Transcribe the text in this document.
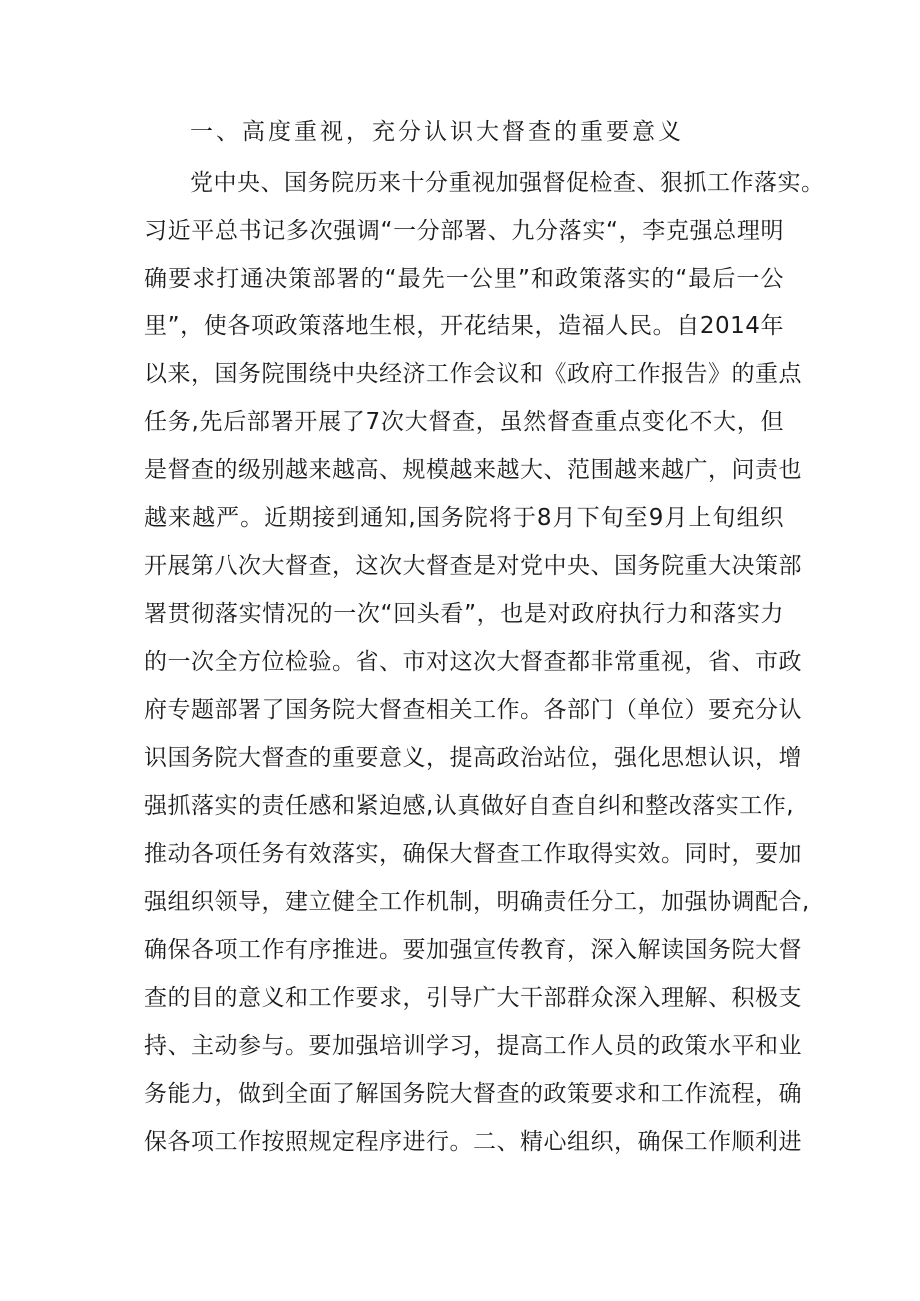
一、高度重视，充分认识大督查的重要意义
党中央、国务院历来十分重视加强督促检查、狠抓工作落实。
习近平总书记多次强调“一分部署、九分落实“，李克强总理明
确要求打通决策部署的“最先一公里”和政策落实的“最后一公
里”，使各项政策落地生根，开花结果，造福人民。自2014年
以来，国务院围绕中央经济工作会议和《政府工作报告》的重点
任务,先后部署开展了7次大督查，虽然督查重点变化不大，但
是督查的级别越来越高、规模越来越大、范围越来越广，问责也
越来越严。近期接到通知,国务院将于8月下旬至9月上旬组织
开展第八次大督查，这次大督查是对党中央、国务院重大决策部
署贯彻落实情况的一次“回头看”，也是对政府执行力和落实力
的一次全方位检验。省、市对这次大督查都非常重视，省、市政
府专题部署了国务院大督查相关工作。各部门（单位）要充分认
识国务院大督查的重要意义，提高政治站位，强化思想认识，增
强抓落实的责任感和紧迫感,认真做好自查自纠和整改落实工作,
推动各项任务有效落实，确保大督查工作取得实效。同时，要加
强组织领导，建立健全工作机制，明确责任分工，加强协调配合,
确保各项工作有序推进。要加强宣传教育，深入解读国务院大督
查的目的意义和工作要求，引导广大干部群众深入理解、积极支
持、主动参与。要加强培训学习，提高工作人员的政策水平和业
务能力，做到全面了解国务院大督查的政策要求和工作流程，确
保各项工作按照规定程序进行。二、精心组织，确保工作顺利进
